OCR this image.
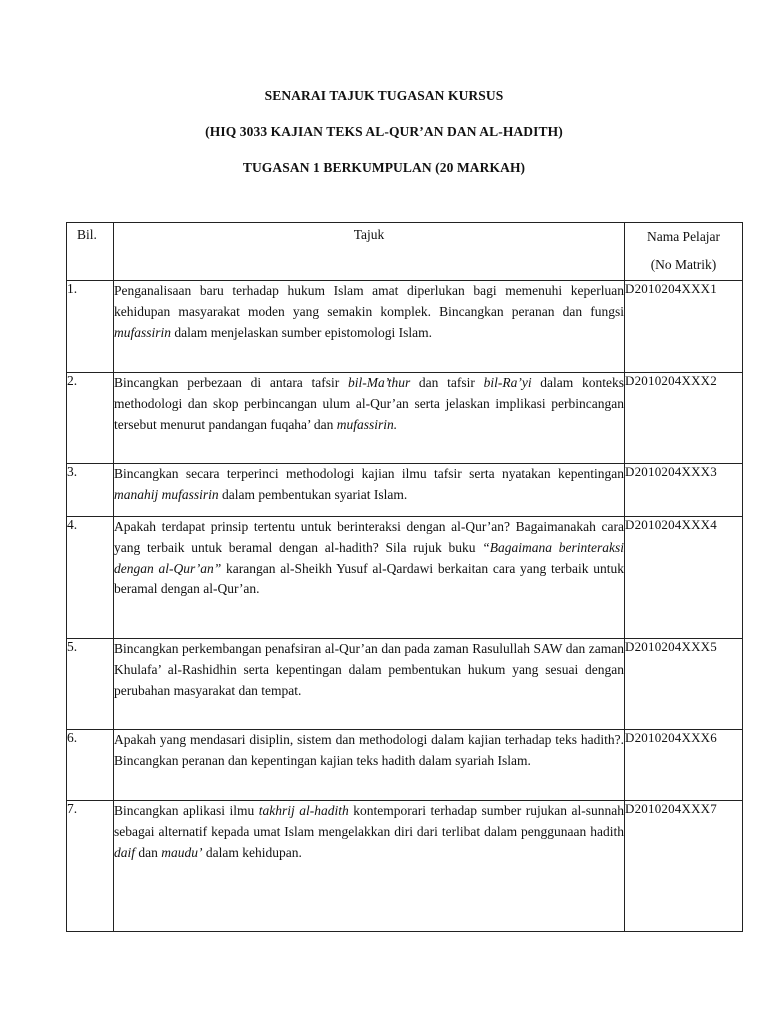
SENARAI TAJUK TUGASAN KURSUS
(HIQ 3033 KAJIAN TEKS AL-QUR’AN DAN AL-HADITH)
TUGASAN 1 BERKUMPULAN (20 MARKAH)
Bil.	Tajuk	Nama Pelajar
(No Matrik)

1.	Penganalisaan baru terhadap hukum Islam amat diperlukan bagi memenuhi keperluan kehidupan masyarakat moden yang semakin komplek. Bincangkan peranan dan fungsi mufassirin dalam menjelaskan sumber epistomologi Islam.	D2010204XXX1
2.	Bincangkan perbezaan di antara tafsir bil-Ma’thur dan tafsir bil-Ra’yi dalam konteks methodologi dan skop perbincangan ulum al-Qur’an serta jelaskan implikasi perbincangan tersebut menurut pandangan fuqaha’ dan mufassirin.	D2010204XXX2
3.	Bincangkan secara terperinci methodologi kajian ilmu tafsir serta nyatakan kepentingan manahij mufassirin dalam pembentukan syariat Islam.	D2010204XXX3
4.	Apakah terdapat prinsip tertentu untuk berinteraksi dengan al-Qur’an? Bagaimanakah cara yang terbaik untuk beramal dengan al-hadith? Sila rujuk buku “Bagaimana berinteraksi dengan al-Qur’an” karangan al-Sheikh Yusuf al-Qardawi berkaitan cara yang terbaik untuk beramal dengan al-Qur’an.	D2010204XXX4
5.	Bincangkan perkembangan penafsiran al-Qur’an dan pada zaman Rasulullah SAW dan zaman Khulafa’ al-Rashidhin serta kepentingan dalam pembentukan hukum yang sesuai dengan perubahan masyarakat dan tempat.	D2010204XXX5
6.	Apakah yang mendasari disiplin, sistem dan methodologi dalam kajian terhadap teks hadith?. Bincangkan peranan dan kepentingan kajian teks hadith dalam syariah Islam.	D2010204XXX6
7.	Bincangkan aplikasi ilmu takhrij al-hadith kontemporari terhadap sumber rujukan al-sunnah sebagai alternatif kepada umat Islam mengelakkan diri dari terlibat dalam penggunaan hadith daif dan maudu’ dalam kehidupan.	D2010204XXX7
